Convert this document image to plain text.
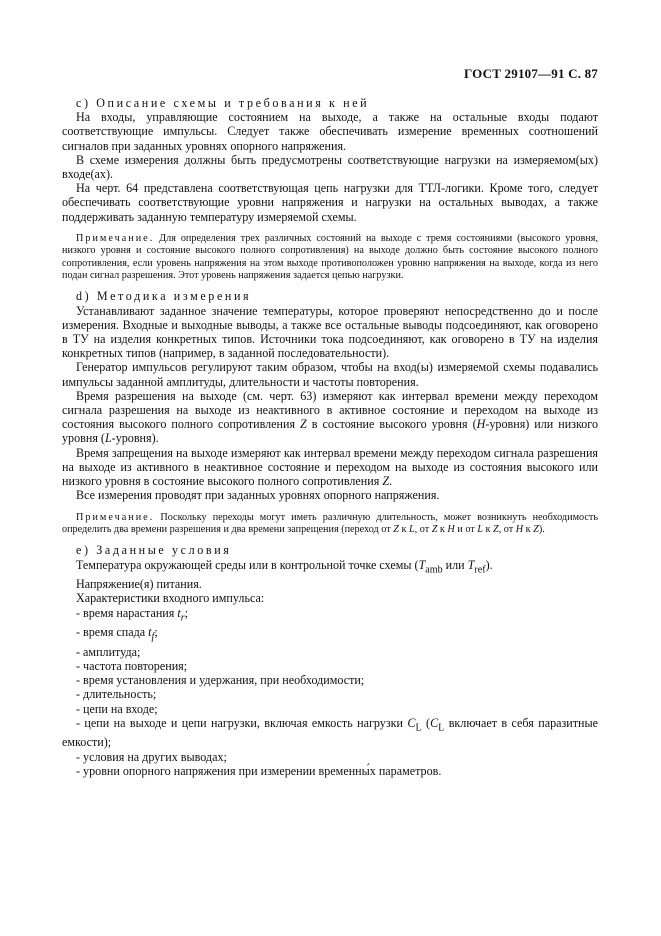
ГОСТ 29107—91 С. 87

с) Описание схемы и требования к ней

На входы, управляющие состоянием на выходе, а также на остальные входы подают соответствующие импульсы. Следует также обеспечивать измерение временных соотношений сигналов при заданных уровнях опорного напряжения.

В схеме измерения должны быть предусмотрены соответствующие нагрузки на измеряемом(ых) входе(ах).

На черт. 64 представлена соответствующая цепь нагрузки для ТТЛ-логики. Кроме того, следует обеспечивать соответствующие уровни напряжения и нагрузки на остальных выводах, а также поддерживать заданную температуру измеряемой схемы.

Примечание. Для определения трех различных состояний на выходе с тремя состояниями (высокого уровня, низкого уровня и состояние высокого полного сопротивления) на выходе должно быть состояние высокого полного сопротивления, если уровень напряжения на этом выходе противоположен уровню напряжения на выходе, когда из него подан сигнал разрешения. Этот уровень напряжения задается цепью нагрузки.

d) Методика измерения

Устанавливают заданное значение температуры, которое проверяют непосредственно до и после измерения. Входные и выходные выводы, а также все остальные выводы подсоединяют, как оговорено в ТУ на изделия конкретных типов. Источники тока подсоединяют, как оговорено в ТУ на изделия конкретных типов (например, в заданной последовательности).

Генератор импульсов регулируют таким образом, чтобы на вход(ы) измеряемой схемы подавались импульсы заданной амплитуды, длительности и частоты повторения.

Время разрешения на выходе (см. черт. 63) измеряют как интервал времени между переходом сигнала разрешения на выходе из неактивного в активное состояние и переходом на выходе из состояния высокого полного сопротивления Z в состояние высокого уровня (H-уровня) или низкого уровня (L-уровня).

Время запрещения на выходе измеряют как интервал времени между переходом сигнала разрешения на выходе из активного в неактивное состояние и переходом на выходе из состояния высокого или низкого уровня в состояние высокого полного сопротивления Z.

Все измерения проводят при заданных уровнях опорного напряжения.

Примечание. Поскольку переходы могут иметь различную длительность, может возникнуть необходимость определить два времени разрешения и два времени запрещения (переход от Z к L, от Z к H и от L к Z, от H к Z).

е) Заданные условия

Температура окружающей среды или в контрольной точке схемы ($T_{amb}$ или $T_{ref}$).

Напряжение(я) питания.

Характеристики входного импульса:

- время нарастания $t_r$;
- время спада $t_f$;
- амплитуда;
- частота повторения;
- время установления и удержания, при необходимости;
- длительность;
- цепи на входе;
- цепи на выходе и цепи нагрузки, включая емкость нагрузки $C_L$ ($C_L$ включает в себя паразитные емкости);
- условия на других выводах;
- уровни опорного напряжения при измерении временны́х параметров.
